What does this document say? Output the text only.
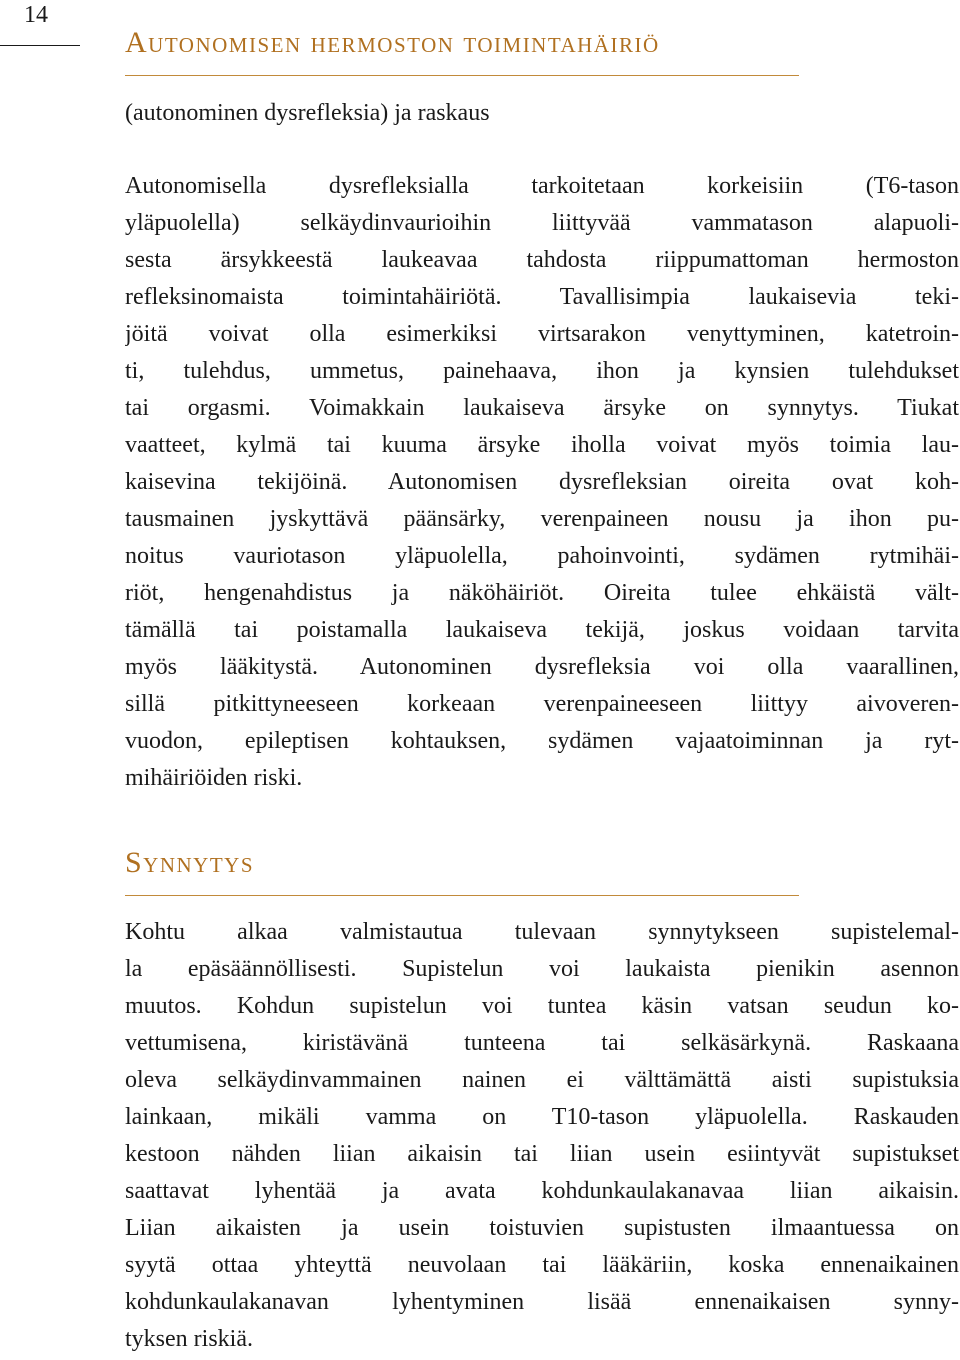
14
Autonomisen hermoston toimintahäiriö
(autonominen dysrefleksia) ja raskaus
Autonomisella dysrefleksialla tarkoitetaan korkeisiin (T6-tason
yläpuolella) selkäydinvaurioihin liittyvää vammatason alapuoli-
sesta ärsykkeestä laukeavaa tahdosta riippumattoman hermoston
refleksinomaista toimintahäiriötä. Tavallisimpia laukaisevia teki-
jöitä voivat olla esimerkiksi virtsarakon venyttyminen, katetroin-
ti, tulehdus, ummetus, painehaava, ihon ja kynsien tulehdukset
tai orgasmi. Voimakkain laukaiseva ärsyke on synnytys. Tiukat
vaatteet, kylmä tai kuuma ärsyke iholla voivat myös toimia lau-
kaisevina tekijöinä. Autonomisen dysrefleksian oireita ovat koh-
tausmainen jyskyttävä päänsärky, verenpaineen nousu ja ihon pu-
noitus vauriotason yläpuolella, pahoinvointi, sydämen rytmihäi-
riöt, hengenahdistus ja näköhäiriöt. Oireita tulee ehkäistä vält-
tämällä tai poistamalla laukaiseva tekijä, joskus voidaan tarvita
myös lääkitystä. Autonominen dysrefleksia voi olla vaarallinen,
sillä pitkittyneeseen korkeaan verenpaineeseen liittyy aivoveren-
vuodon, epileptisen kohtauksen, sydämen vajaatoiminnan ja ryt-
mihäiriöiden riski.
Synnytys
Kohtu alkaa valmistautua tulevaan synnytykseen supistelemal-
la epäsäännöllisesti. Supistelun voi laukaista pienikin asennon
muutos. Kohdun supistelun voi tuntea käsin vatsan seudun ko-
vettumisena, kiristävänä tunteena tai selkäsärkynä. Raskaana
oleva selkäydinvammainen nainen ei välttämättä aisti supistuksia
lainkaan, mikäli vamma on T10-tason yläpuolella. Raskauden
kestoon nähden liian aikaisin tai liian usein esiintyvät supistukset
saattavat lyhentää ja avata kohdunkaulakanavaa liian aikaisin.
Liian aikaisten ja usein toistuvien supistusten ilmaantuessa on
syytä ottaa yhteyttä neuvolaan tai lääkäriin, koska ennenaikainen
kohdunkaulakanavan lyhentyminen lisää ennenaikaisen synny-
tyksen riskiä.
